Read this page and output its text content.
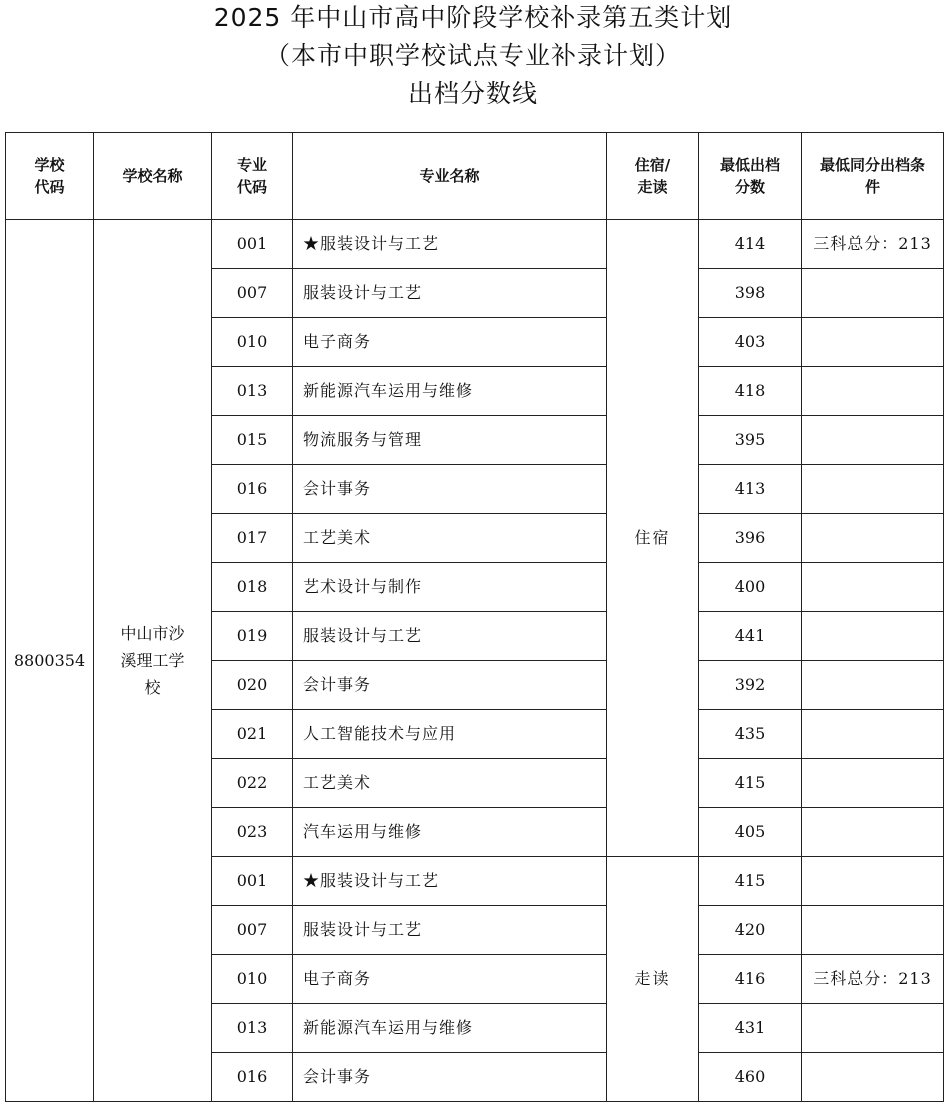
2025 年中山市高中阶段学校补录第五类计划
（本市中职学校试点专业补录计划）
出档分数线
学校代码	学校名称	专业代码	专业名称	住宿/走读	最低出档分数	最低同分出档条件
8800354	中山市沙溪理工学校	001	★服装设计与工艺	住宿	414	三科总分：213
		007	服装设计与工艺		398	
		010	电子商务		403	
		013	新能源汽车运用与维修		418	
		015	物流服务与管理		395	
		016	会计事务		413	
		017	工艺美术		396	
		018	艺术设计与制作		400	
		019	服装设计与工艺		441	
		020	会计事务		392	
		021	人工智能技术与应用		435	
		022	工艺美术		415	
		023	汽车运用与维修		405	
		001	★服装设计与工艺	走读	415	
		007	服装设计与工艺		420	
		010	电子商务		416	三科总分：213
		013	新能源汽车运用与维修		431	
		016	会计事务		460	
